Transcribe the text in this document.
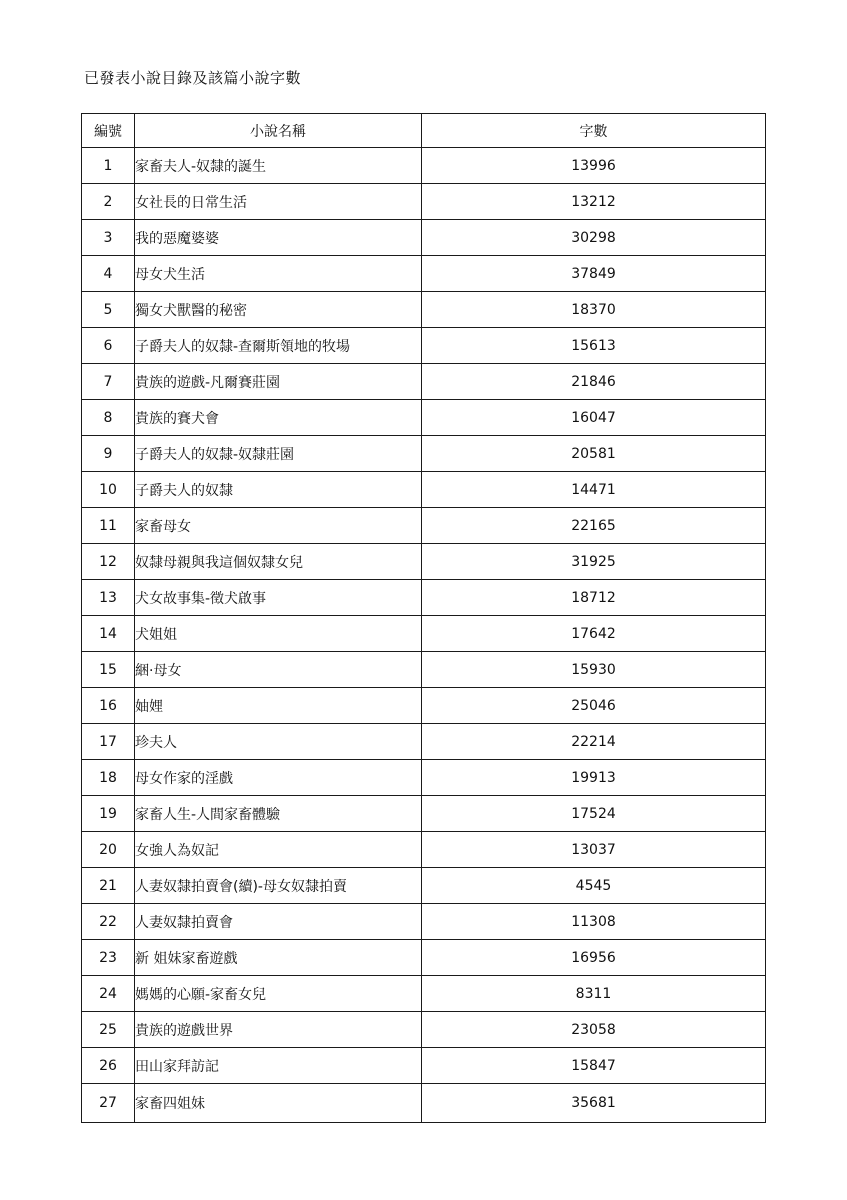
已發表小說目錄及該篇小說字數
編號	小說名稱	字數
1	家畜夫人-奴隸的誕生	13996
2	女社長的日常生活	13212
3	我的惡魔婆婆	30298
4	母女犬生活	37849
5	獨女犬獸醫的秘密	18370
6	子爵夫人的奴隸-查爾斯領地的牧場	15613
7	貴族的遊戲-凡爾賽莊園	21846
8	貴族的賽犬會	16047
9	子爵夫人的奴隸-奴隸莊園	20581
10	子爵夫人的奴隸	14471
11	家畜母女	22165
12	奴隸母親與我這個奴隸女兒	31925
13	犬女故事集-徵犬啟事	18712
14	犬姐姐	17642
15	綑·母女	15930
16	妯娌	25046
17	珍夫人	22214
18	母女作家的淫戲	19913
19	家畜人生-人間家畜體驗	17524
20	女強人為奴記	13037
21	人妻奴隸拍賣會(續)-母女奴隸拍賣	4545
22	人妻奴隸拍賣會	11308
23	新 姐妹家畜遊戲	16956
24	媽媽的心願-家畜女兒	8311
25	貴族的遊戲世界	23058
26	田山家拜訪記	15847
27	家畜四姐妹	35681
